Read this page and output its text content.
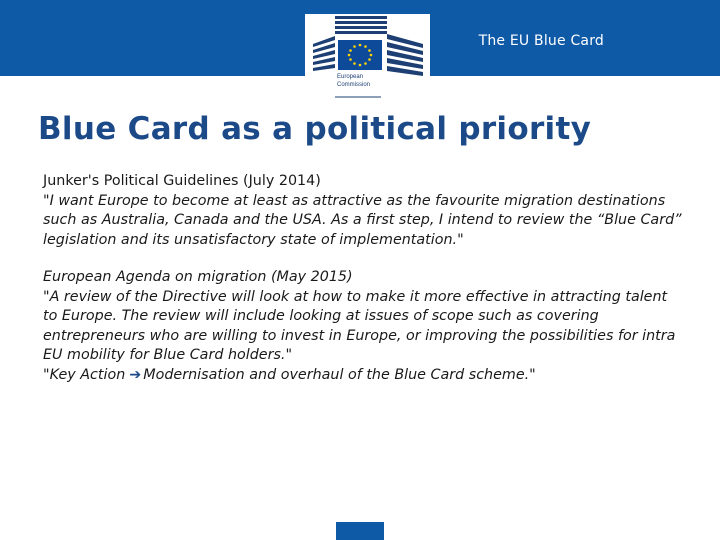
European
Commission
The EU Blue Card
Blue Card as a political priority

Junker's Political Guidelines (July 2014)

"I want Europe to become at least as attractive as the favourite migration destinations such as Australia, Canada and the USA. As a first step, I intend to review the “Blue Card” legislation and its unsatisfactory state of implementation."

European Agenda on migration (May 2015)

"A review of the Directive will look at how to make it more effective in attracting talent to Europe. The review will include looking at issues of scope such as covering entrepreneurs who are willing to invest in Europe, or improving the possibilities for intra EU mobility for Blue Card holders."

"Key Action ➔ Modernisation and overhaul of the Blue Card scheme."
